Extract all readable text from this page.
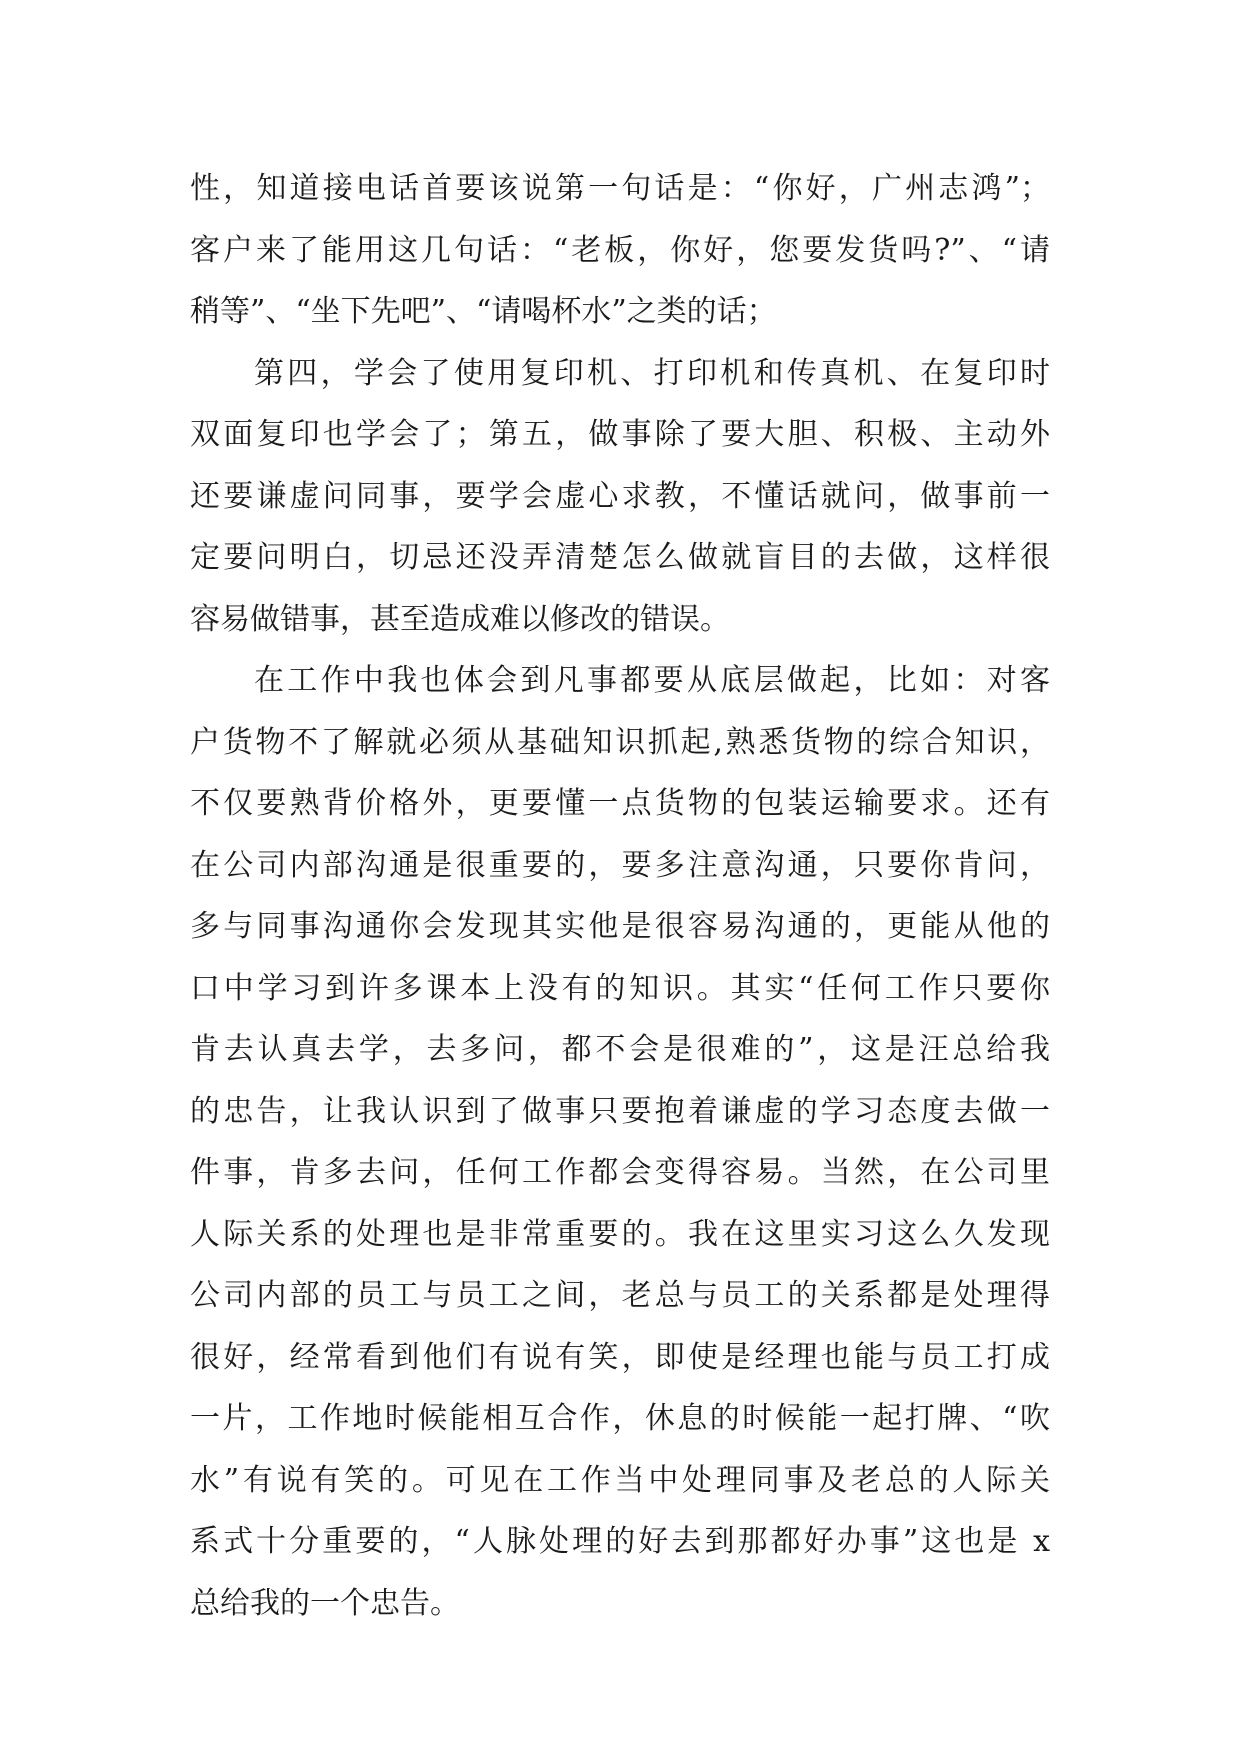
性，知道接电话首要该说第一句话是：“你好，广州志鸿”；
客户来了能用这几句话：“老板，你好，您要发货吗?”、“请
稍等”、“坐下先吧”、“请喝杯水”之类的话；
第四，学会了使用复印机、打印机和传真机、在复印时
双面复印也学会了；第五，做事除了要大胆、积极、主动外
还要谦虚问同事，要学会虚心求教，不懂话就问，做事前一
定要问明白，切忌还没弄清楚怎么做就盲目的去做，这样很
容易做错事，甚至造成难以修改的错误。
在工作中我也体会到凡事都要从底层做起，比如：对客
户货物不了解就必须从基础知识抓起,熟悉货物的综合知识，
不仅要熟背价格外，更要懂一点货物的包装运输要求。还有
在公司内部沟通是很重要的，要多注意沟通，只要你肯问，
多与同事沟通你会发现其实他是很容易沟通的，更能从他的
口中学习到许多课本上没有的知识。其实“任何工作只要你
肯去认真去学，去多问，都不会是很难的”，这是汪总给我
的忠告，让我认识到了做事只要抱着谦虚的学习态度去做一
件事，肯多去问，任何工作都会变得容易。当然，在公司里
人际关系的处理也是非常重要的。我在这里实习这么久发现
公司内部的员工与员工之间，老总与员工的关系都是处理得
很好，经常看到他们有说有笑，即使是经理也能与员工打成
一片，工作地时候能相互合作，休息的时候能一起打牌、“吹
水”有说有笑的。可见在工作当中处理同事及老总的人际关
系式十分重要的，“人脉处理的好去到那都好办事”这也是 x
总给我的一个忠告。
